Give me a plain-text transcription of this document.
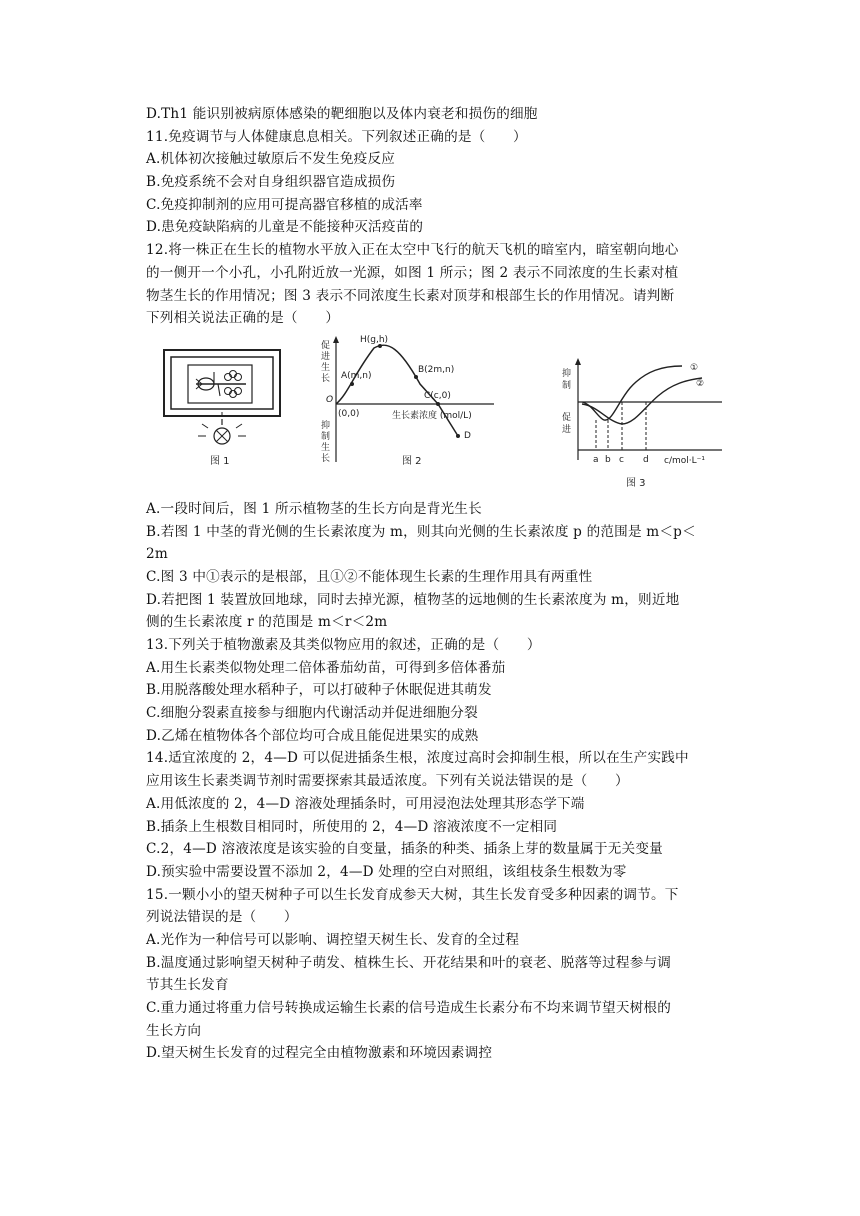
D.Th1 能识别被病原体感染的靶细胞以及体内衰老和损伤的细胞
11.免疫调节与人体健康息息相关。下列叙述正确的是（　　）
A.机体初次接触过敏原后不发生免疫反应
B.免疫系统不会对自身组织器官造成损伤
C.免疫抑制剂的应用可提高器官移植的成活率
D.患免疫缺陷病的儿童是不能接种灭活疫苗的
12.将一株正在生长的植物水平放入正在太空中飞行的航天飞机的暗室内，暗室朝向地心
的一侧开一个小孔，小孔附近放一光源，如图 1 所示；图 2 表示不同浓度的生长素对植
物茎生长的作用情况；图 3 表示不同浓度生长素对顶芽和根部生长的作用情况。请判断
下列相关说法正确的是（　　）
图 1
促
进
生
长
抑
制
生
长
O
(0,0)
H(g,h)
A(m,n)
B(2m,n)
C(c,0)
D
生长素浓度 (mol/L)
图 2
抑
制
促
进
a b c d c/mol·L⁻¹
①
②
图 3
A.一段时间后，图 1 所示植物茎的生长方向是背光生长
B.若图 1 中茎的背光侧的生长素浓度为 m，则其向光侧的生长素浓度 p 的范围是 m＜p＜
2m
C.图 3 中①表示的是根部，且①②不能体现生长素的生理作用具有两重性
D.若把图 1 装置放回地球，同时去掉光源，植物茎的远地侧的生长素浓度为 m，则近地
侧的生长素浓度 r 的范围是 m＜r＜2m
13.下列关于植物激素及其类似物应用的叙述，正确的是（　　）
A.用生长素类似物处理二倍体番茄幼苗，可得到多倍体番茄
B.用脱落酸处理水稻种子，可以打破种子休眠促进其萌发
C.细胞分裂素直接参与细胞内代谢活动并促进细胞分裂
D.乙烯在植物体各个部位均可合成且能促进果实的成熟
14.适宜浓度的 2，4—D 可以促进插条生根，浓度过高时会抑制生根，所以在生产实践中
应用该生长素类调节剂时需要探索其最适浓度。下列有关说法错误的是（　　）
A.用低浓度的 2，4—D 溶液处理插条时，可用浸泡法处理其形态学下端
B.插条上生根数目相同时，所使用的 2，4—D 溶液浓度不一定相同
C.2，4—D 溶液浓度是该实验的自变量，插条的种类、插条上芽的数量属于无关变量
D.预实验中需要设置不添加 2，4—D 处理的空白对照组，该组枝条生根数为零
15.一颗小小的望天树种子可以生长发育成参天大树，其生长发育受多种因素的调节。下
列说法错误的是（　　）
A.光作为一种信号可以影响、调控望天树生长、发育的全过程
B.温度通过影响望天树种子萌发、植株生长、开花结果和叶的衰老、脱落等过程参与调
节其生长发育
C.重力通过将重力信号转换成运输生长素的信号造成生长素分布不均来调节望天树根的
生长方向
D.望天树生长发育的过程完全由植物激素和环境因素调控
